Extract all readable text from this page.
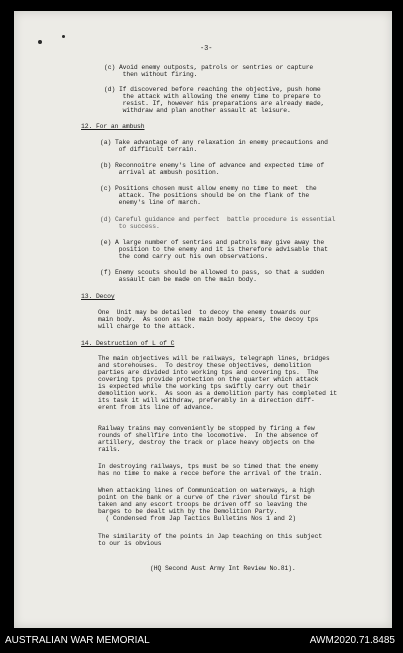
-3-
(c) Avoid enemy outposts, patrols or sentries or capture
then without firing.
(d) If discovered before reaching the objective, push home
the attack with allowing the enemy time to prepare to
resist. If, however his preparations are already made,
withdraw and plan another assault at leisure.
12. For an ambush
(a) Take advantage of any relaxation in enemy precautions and
of difficult terrain.
(b) Reconnoitre enemy's line of advance and expected time of
arrival at ambush position.
(c) Positions chosen must allow enemy no time to meet  the
attack. The positions should be on the flank of the
enemy's line of march.
(d) Careful guidance and perfect  battle procedure is essential
to success.
(e) A large number of sentries and patrols may give away the
position to the enemy and it is therefore advisable that
the comd carry out his own observations.
(f) Enemy scouts should be allowed to pass, so that a sudden
assault can be made on the main body.
13. Decoy
One  Unit may be detailed  to decoy the enemy towards our
main body.  As soon as the main body appears, the decoy tps
will charge to the attack.
14. Destruction of L of C
The main objectives will be railways, telegraph lines, bridges
and storehouses.  To destroy these objectives, demolition
parties are divided into working tps and covering tps.  The
covering tps provide protection on the quarter which attack
is expected while the working tps swiftly carry out their
demolition work.  As soon as a demolition party has completed it
its task it will withdraw, preferably in a direction diff-
erent from its line of advance.
Railway trains may conveniently be stopped by firing a few
rounds of shellfire into the locomotive.  In the absence of
artillery, destroy the track or place heavy objects on the
rails.
In destroying railways, tps must be so timed that the enemy
has no time to make a recce before the arrival of the train.
When attacking lines of Communication on waterways, a high
point on the bank or a curve of the river should first be
taken and any escort troops be driven off so leaving the
barges to be dealt with by the Demolition Party.
( Condensed from Jap Tactics Bulletins Nos 1 and 2)
The similarity of the points in Jap teaching on this subject
to our is obvious
(HQ Second Aust Army Int Review No.81).
AUSTRALIAN WAR MEMORIAL	AWM2020.71.8485
